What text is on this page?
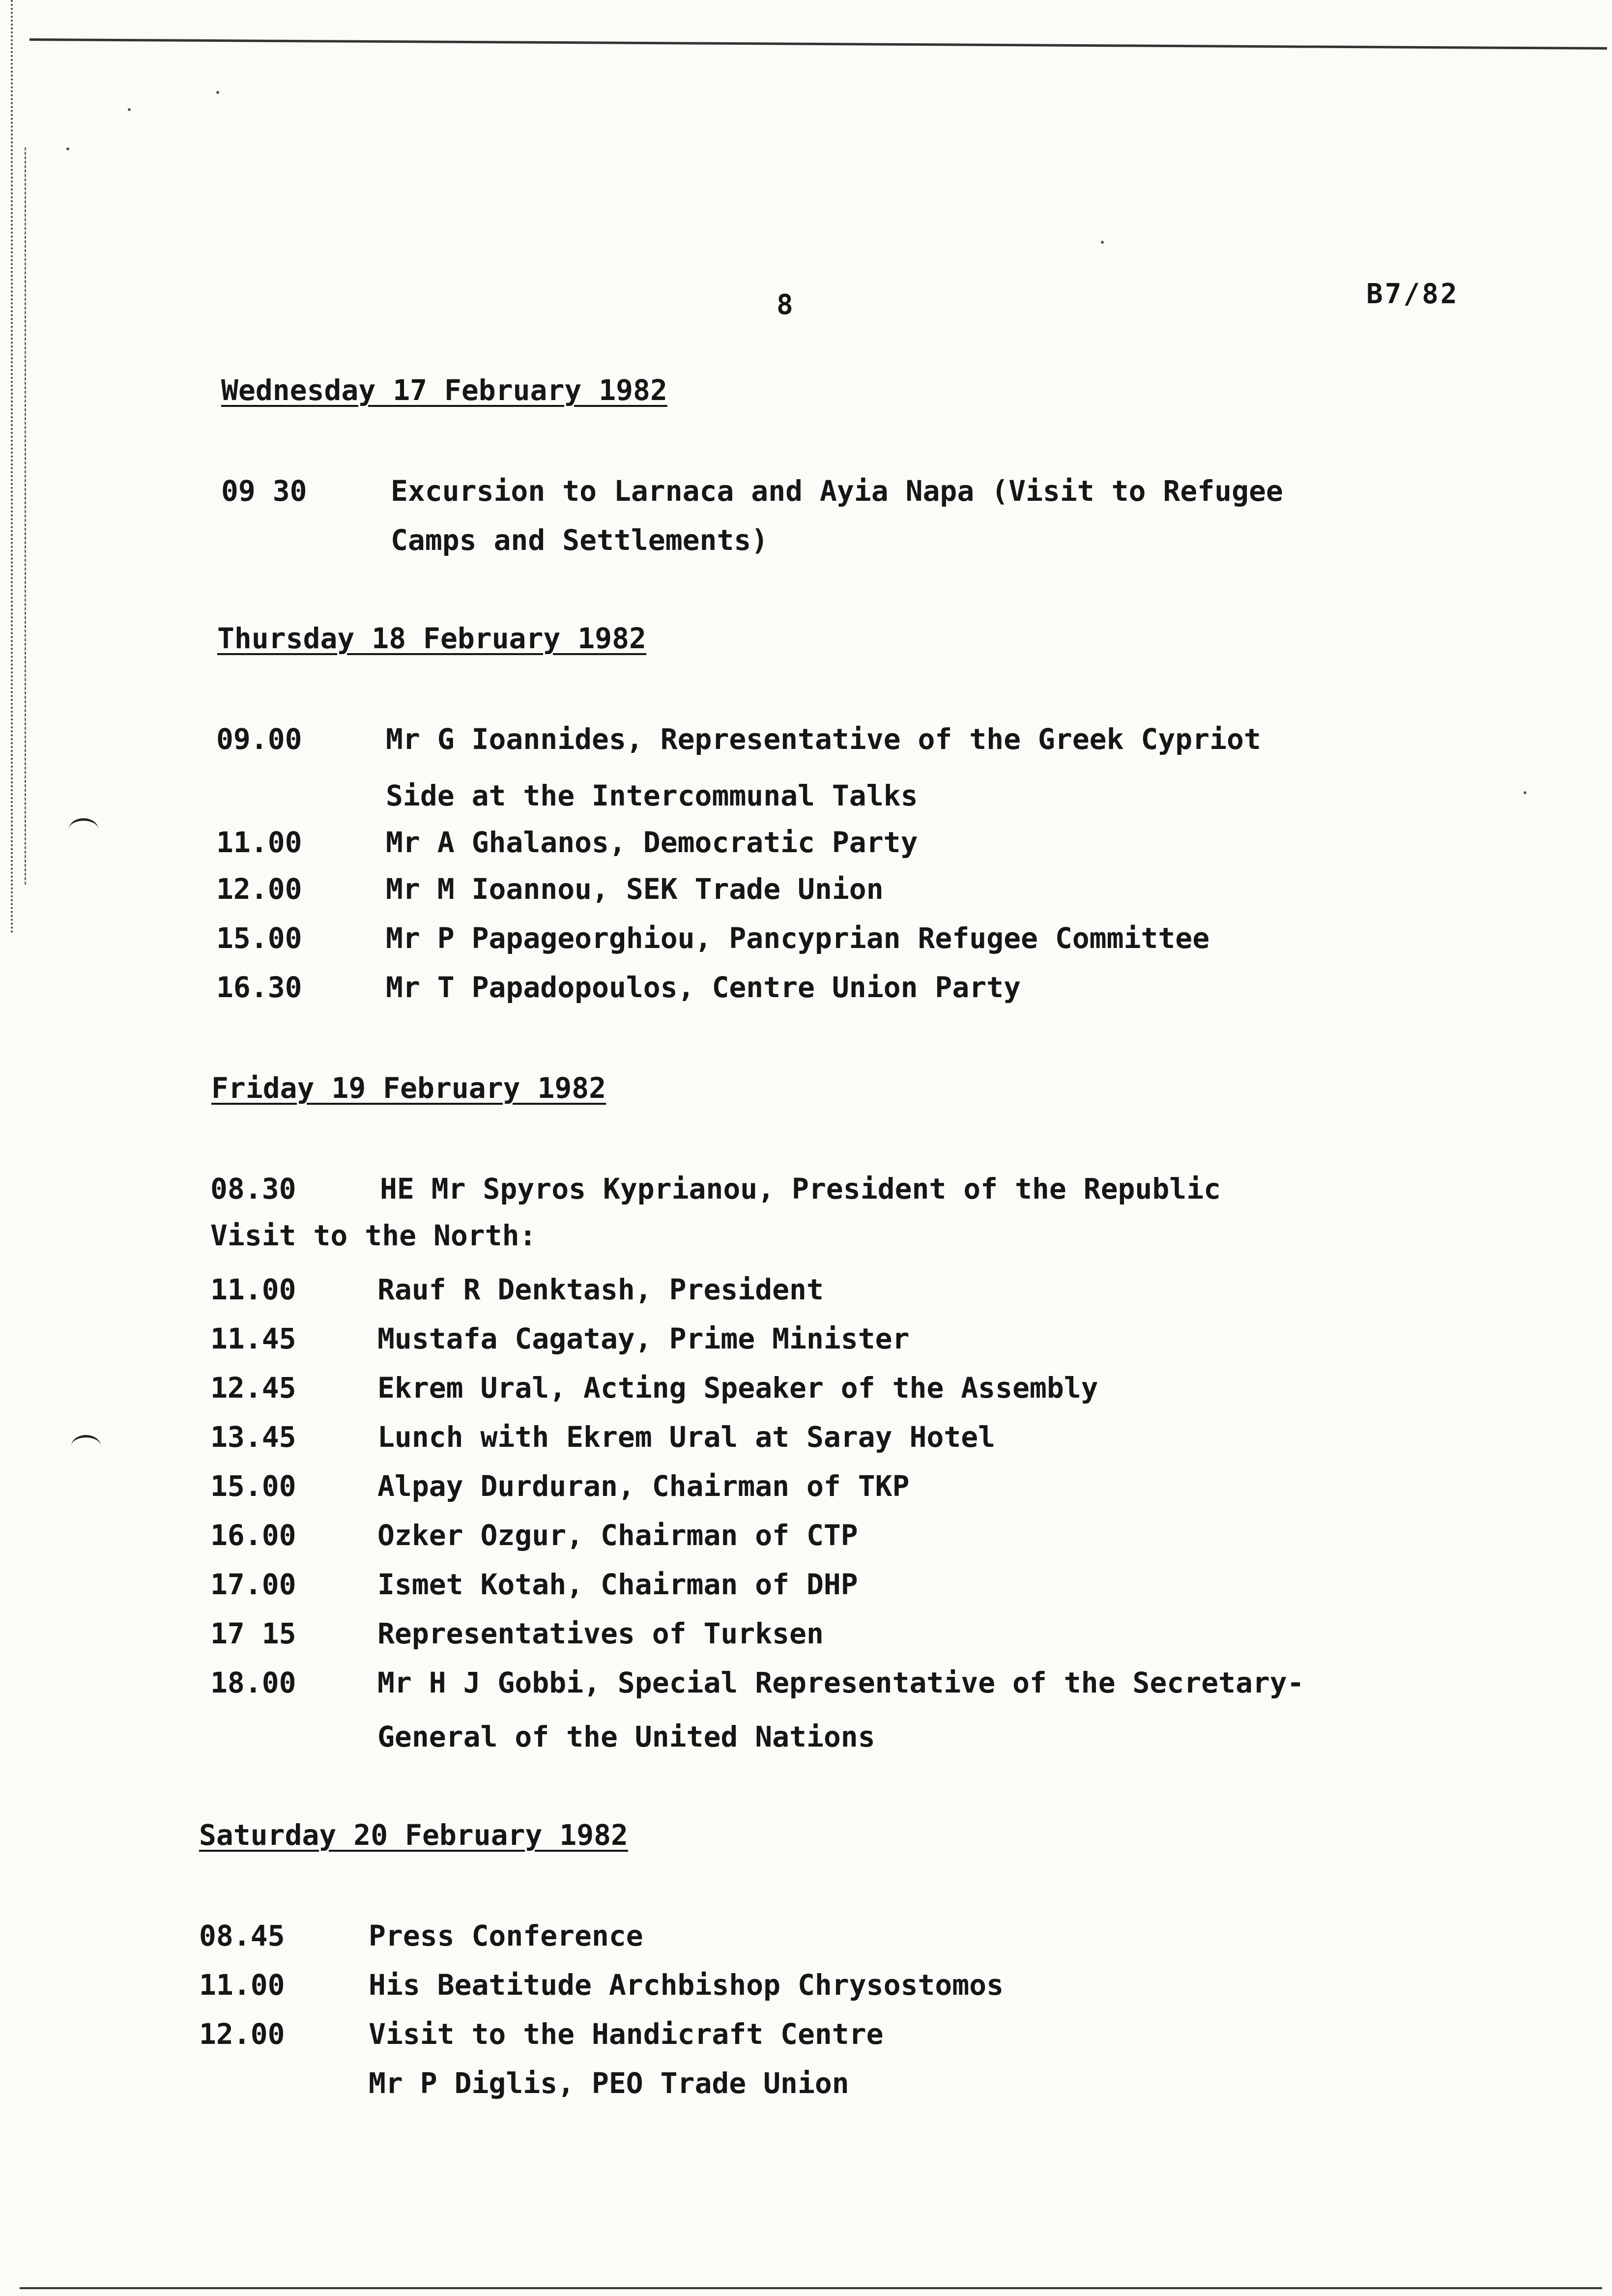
8	B7/82
Wednesday 17 February 1982
09 30	Excursion to Larnaca and Ayia Napa (Visit to Refugee
Camps and Settlements)
Thursday 18 February 1982
09.00	Mr G Ioannides, Representative of the Greek Cypriot
Side at the Intercommunal Talks
11.00	Mr A Ghalanos, Democratic Party
12.00	Mr M Ioannou, SEK Trade Union
15.00	Mr P Papageorghiou, Pancyprian Refugee Committee
16.30	Mr T Papadopoulos, Centre Union Party
Friday 19 February 1982
08.30	HE Mr Spyros Kyprianou, President of the Republic
Visit to the North:
11.00	Rauf R Denktash, President
11.45	Mustafa Cagatay, Prime Minister
12.45	Ekrem Ural, Acting Speaker of the Assembly
13.45	Lunch with Ekrem Ural at Saray Hotel
15.00	Alpay Durduran, Chairman of TKP
16.00	Ozker Ozgur, Chairman of CTP
17.00	Ismet Kotah, Chairman of DHP
17 15	Representatives of Turksen
18.00	Mr H J Gobbi, Special Representative of the Secretary-
General of the United Nations
Saturday 20 February 1982
08.45	Press Conference
11.00	His Beatitude Archbishop Chrysostomos
12.00	Visit to the Handicraft Centre
Mr P Diglis, PEO Trade Union
